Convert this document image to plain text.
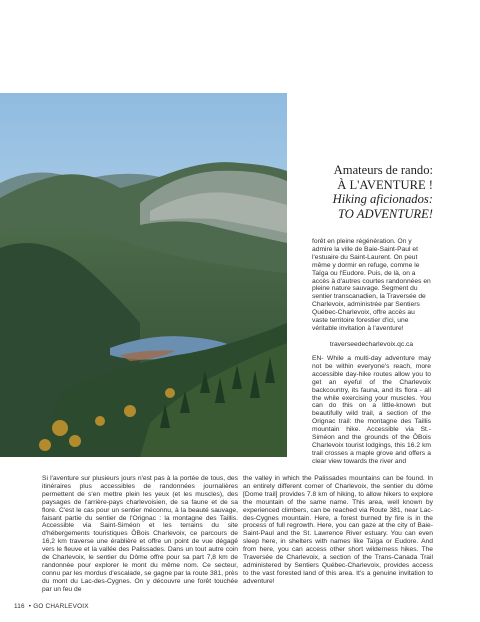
Amateurs de rando:
À L'AVENTURE !
Hiking aficionados:
TO ADVENTURE!

forêt en pleine régénération. On y admire la ville de Baie-Saint-Paul et l'estuaire du Saint-Laurent. On peut même y dormir en refuge, comme le Taïga ou l'Eudore. Puis, de là, on a accès à d'autres courtes randonnées en pleine nature sauvage. Segment du sentier transcanadien, la Traversée de Charlevoix, administrée par Sentiers Québec-Charlevoix, offre accès au vaste territoire forestier d'ici, une véritable invitation à l'aventure!

traverseedecharlevoix.qc.ca

EN- While a multi-day adventure may not be within everyone's reach, more accessible day-hike routes allow you to get an eyeful of the Charlevoix backcountry, its fauna, and its flora - all the while exercising your muscles. You can do this on a little-known but beautifully wild trail, a section of the Orignac trail: the montagne des Taillis mountain hike. Accessible via St.-Siméon and the grounds of the ÔBois Charlevoix tourist lodgings, this 16.2 km trail crosses a maple grove and offers a clear view towards the river and

the valley in which the Palissades mountains can be found. In an entirely different corner of Charlevoix, the sentier du dôme [Dome trail] provides 7.8 km of hiking, to allow hikers to explore the mountain of the same name. This area, well known by experienced climbers, can be reached via Route 381, near Lac-des-Cygnes mountain. Here, a forest burned by fire is in the process of full regrowth. Here, you can gaze at the city of Baie-Saint-Paul and the St. Lawrence River estuary. You can even sleep here, in shelters with names like Taïga or Eudore. And from here, you can access other short wilderness hikes. The Traversée de Charlevoix, a section of the Trans-Canada Trail administered by Sentiers Québec-Charlevoix, provides access to the vast forested land of this area. It's a genuine invitation to adventure!

Si l'aventure sur plusieurs jours n'est pas à la portée de tous, des itinéraires plus accessibles de randonnées journalières permettent de s'en mettre plein les yeux (et les muscles), des paysages de l'arrière-pays charlevoisien, de sa faune et de sa flore. C'est le cas pour un sentier méconnu, à la beauté sauvage, faisant partie du sentier de l'Orignac : la montagne des Taillis. Accessible via Saint-Siméon et les terrains du site d'hébergements touristiques ÔBois Charlevoix, ce parcours de 16,2 km traverse une érablière et offre un point de vue dégagé vers le fleuve et la vallée des Palissades. Dans un tout autre coin de Charlevoix, le sentier du Dôme offre pour sa part 7,8 km de randonnée pour explorer le mont du même nom. Ce secteur, connu par les mordus d'escalade, se gagne par la route 381, près du mont du Lac-des-Cygnes. On y découvre une forêt touchée par un feu de

116 • GO CHARLEVOIX
